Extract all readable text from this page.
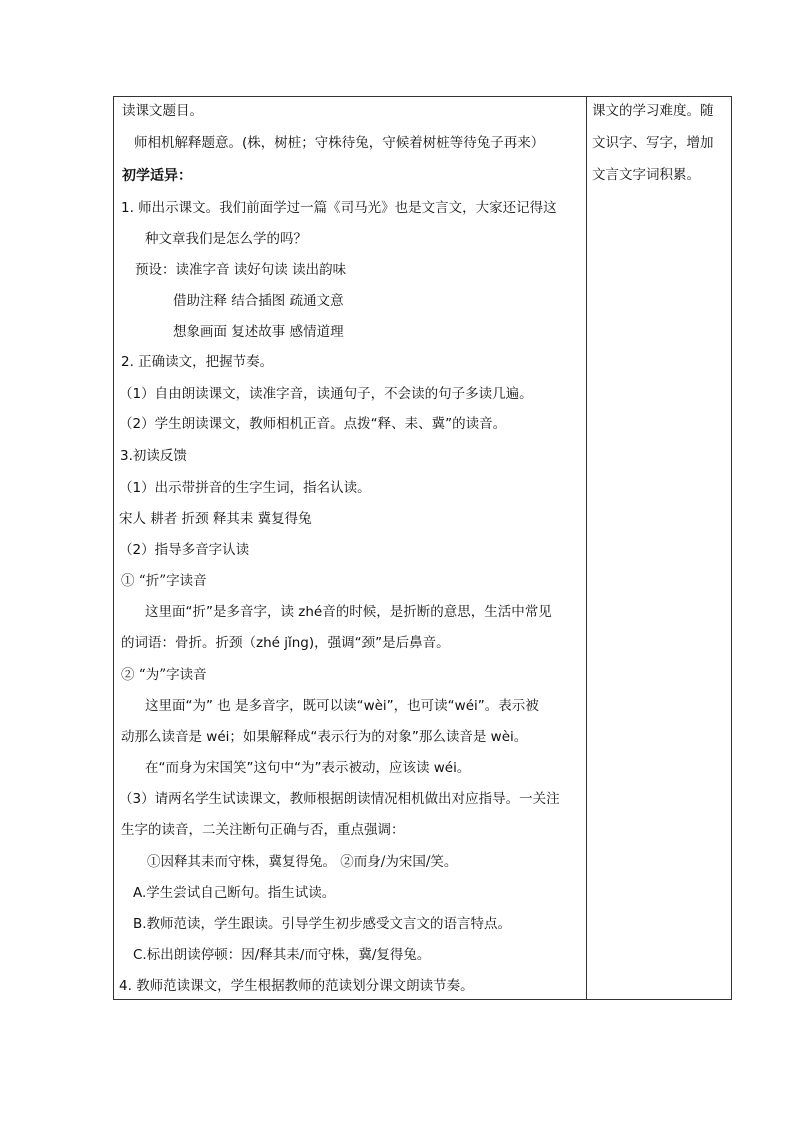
读课文题目。
师相机解释题意。(株，树桩；守株待兔，守候着树桩等待兔子再来）
初学适异：
1. 师出示课文。我们前面学过一篇《司马光》也是文言文，大家还记得这
种文章我们是怎么学的吗？
预设：读准字音 读好句读 读出韵味
借助注释 结合插图 疏通文意
想象画面 复述故事 感情道理
2. 正确读文，把握节奏。
（1）自由朗读课文，读准字音，读通句子，不会读的句子多读几遍。
（2）学生朗读课文，教师相机正音。点拨“释、耒、冀”的读音。
3.初读反馈
（1）出示带拼音的生字生词，指名认读。
宋人 耕者 折颈 释其耒 冀复得兔
（2）指导多音字认读
① “折”字读音
这里面“折”是多音字，读 zhé音的时候，是折断的意思，生活中常见
的词语：骨折。折颈（zhé jǐng)，强调“颈”是后鼻音。
② “为”字读音
这里面“为” 也 是多音字，既可以读“wèi”，也可读“wéi”。表示被
动那么读音是 wéi；如果解释成“表示行为的对象”那么读音是 wèi。
在“而身为宋国笑”这句中“为”表示被动，应该读 wéi。
（3）请两名学生试读课文，教师根据朗读情况相机做出对应指导。一关注
生字的读音，二关注断句正确与否，重点强调：
①因释其耒而守株，冀复得兔。 ②而身/为宋国/笑。
A.学生尝试自己断句。指生试读。
B.教师范读，学生跟读。引导学生初步感受文言文的语言特点。
C.标出朗读停顿：因/释其耒/而守株，冀/复得兔。
4. 教师范读课文，学生根据教师的范读划分课文朗读节奏。
课文的学习难度。随
文识字、写字，增加
文言文字词积累。
